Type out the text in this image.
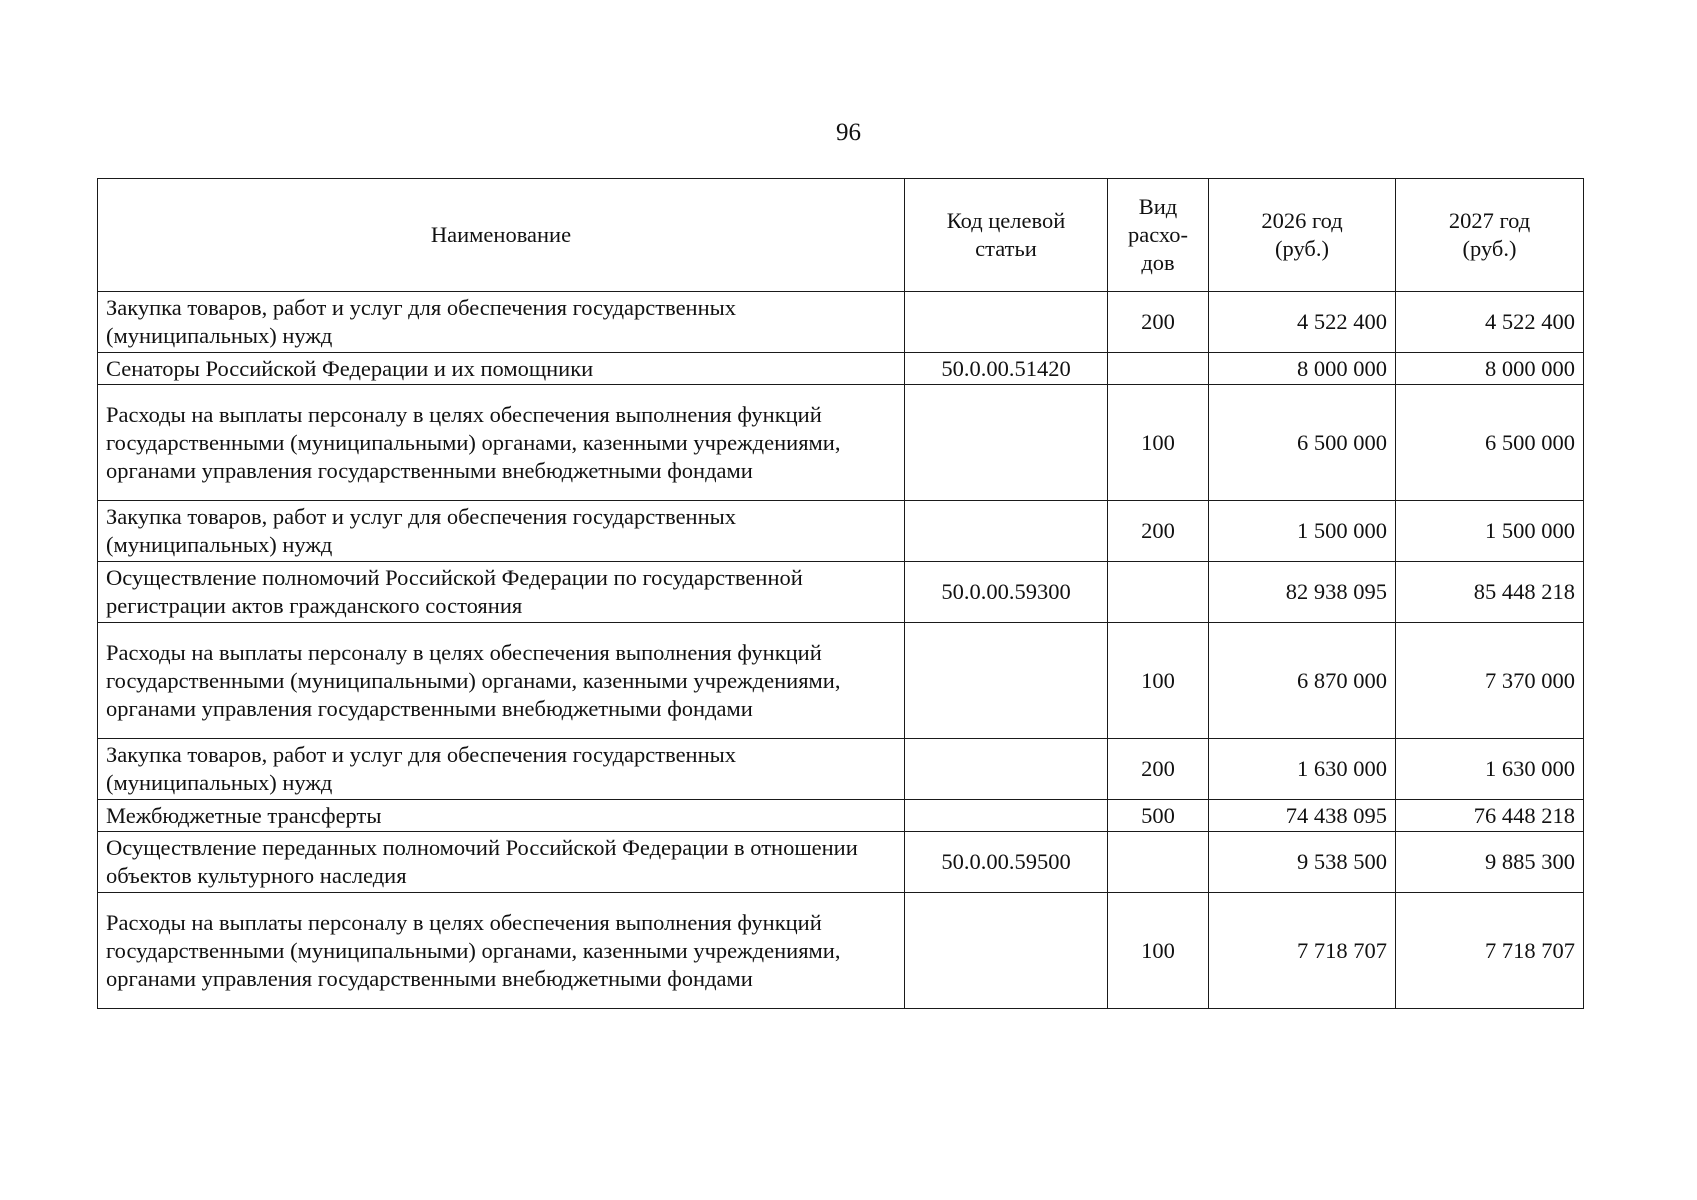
96
Наименование	Код целевой статьи	Вид расхо-дов	2026 год (руб.)	2027 год (руб.)
Закупка товаров, работ и услуг для обеспечения государственных (муниципальных) нужд		200	4 522 400	4 522 400
Сенаторы Российской Федерации и их помощники	50.0.00.51420		8 000 000	8 000 000
Расходы на выплаты персоналу в целях обеспечения выполнения функций государственными (муниципальными) органами, казенными учреждениями, органами управления государственными внебюджетными фондами		100	6 500 000	6 500 000
Закупка товаров, работ и услуг для обеспечения государственных (муниципальных) нужд		200	1 500 000	1 500 000
Осуществление полномочий Российской Федерации по государственной регистрации актов гражданского состояния	50.0.00.59300		82 938 095	85 448 218
Расходы на выплаты персоналу в целях обеспечения выполнения функций государственными (муниципальными) органами, казенными учреждениями, органами управления государственными внебюджетными фондами		100	6 870 000	7 370 000
Закупка товаров, работ и услуг для обеспечения государственных (муниципальных) нужд		200	1 630 000	1 630 000
Межбюджетные трансферты		500	74 438 095	76 448 218
Осуществление переданных полномочий Российской Федерации в отношении объектов культурного наследия	50.0.00.59500		9 538 500	9 885 300
Расходы на выплаты персоналу в целях обеспечения выполнения функций государственными (муниципальными) органами, казенными учреждениями, органами управления государственными внебюджетными фондами		100	7 718 707	7 718 707
